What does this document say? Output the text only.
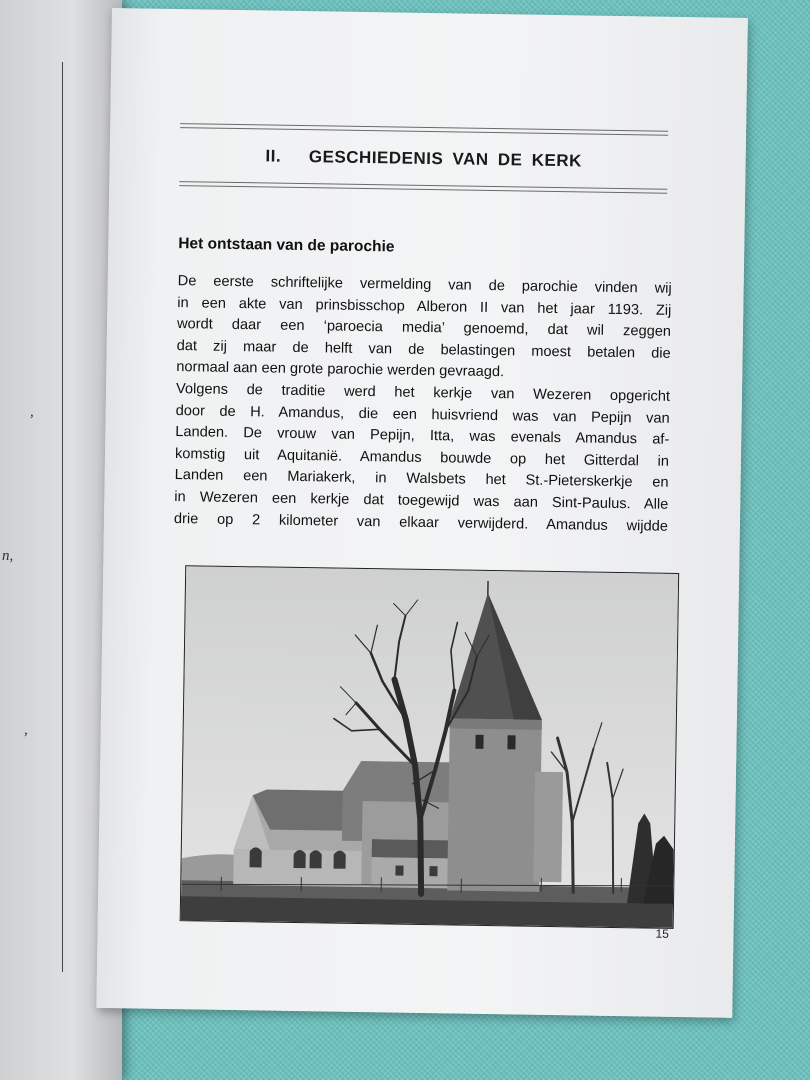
,
n,
,
II. GESCHIEDENIS VAN DE KERK
Het ontstaan van de parochie

De eerste schriftelijke vermelding van de parochie vinden wij
in een akte van prinsbisschop Alberon II van het jaar 1193. Zij
wordt daar een ‘paroecia media’ genoemd, dat wil zeggen
dat zij maar de helft van de belastingen moest betalen die
normaal aan een grote parochie werden gevraagd.

Volgens de traditie werd het kerkje van Wezeren opgericht
door de H. Amandus, die een huisvriend was van Pepijn van
Landen. De vrouw van Pepijn, Itta, was evenals Amandus af-
komstig uit Aquitanië. Amandus bouwde op het Gitterdal in
Landen een Mariakerk, in Walsbets het St.-Pieterskerkje en
in Wezeren een kerkje dat toegewijd was aan Sint-Paulus. Alle
drie op 2 kilometer van elkaar verwijderd. Amandus wijdde

15
